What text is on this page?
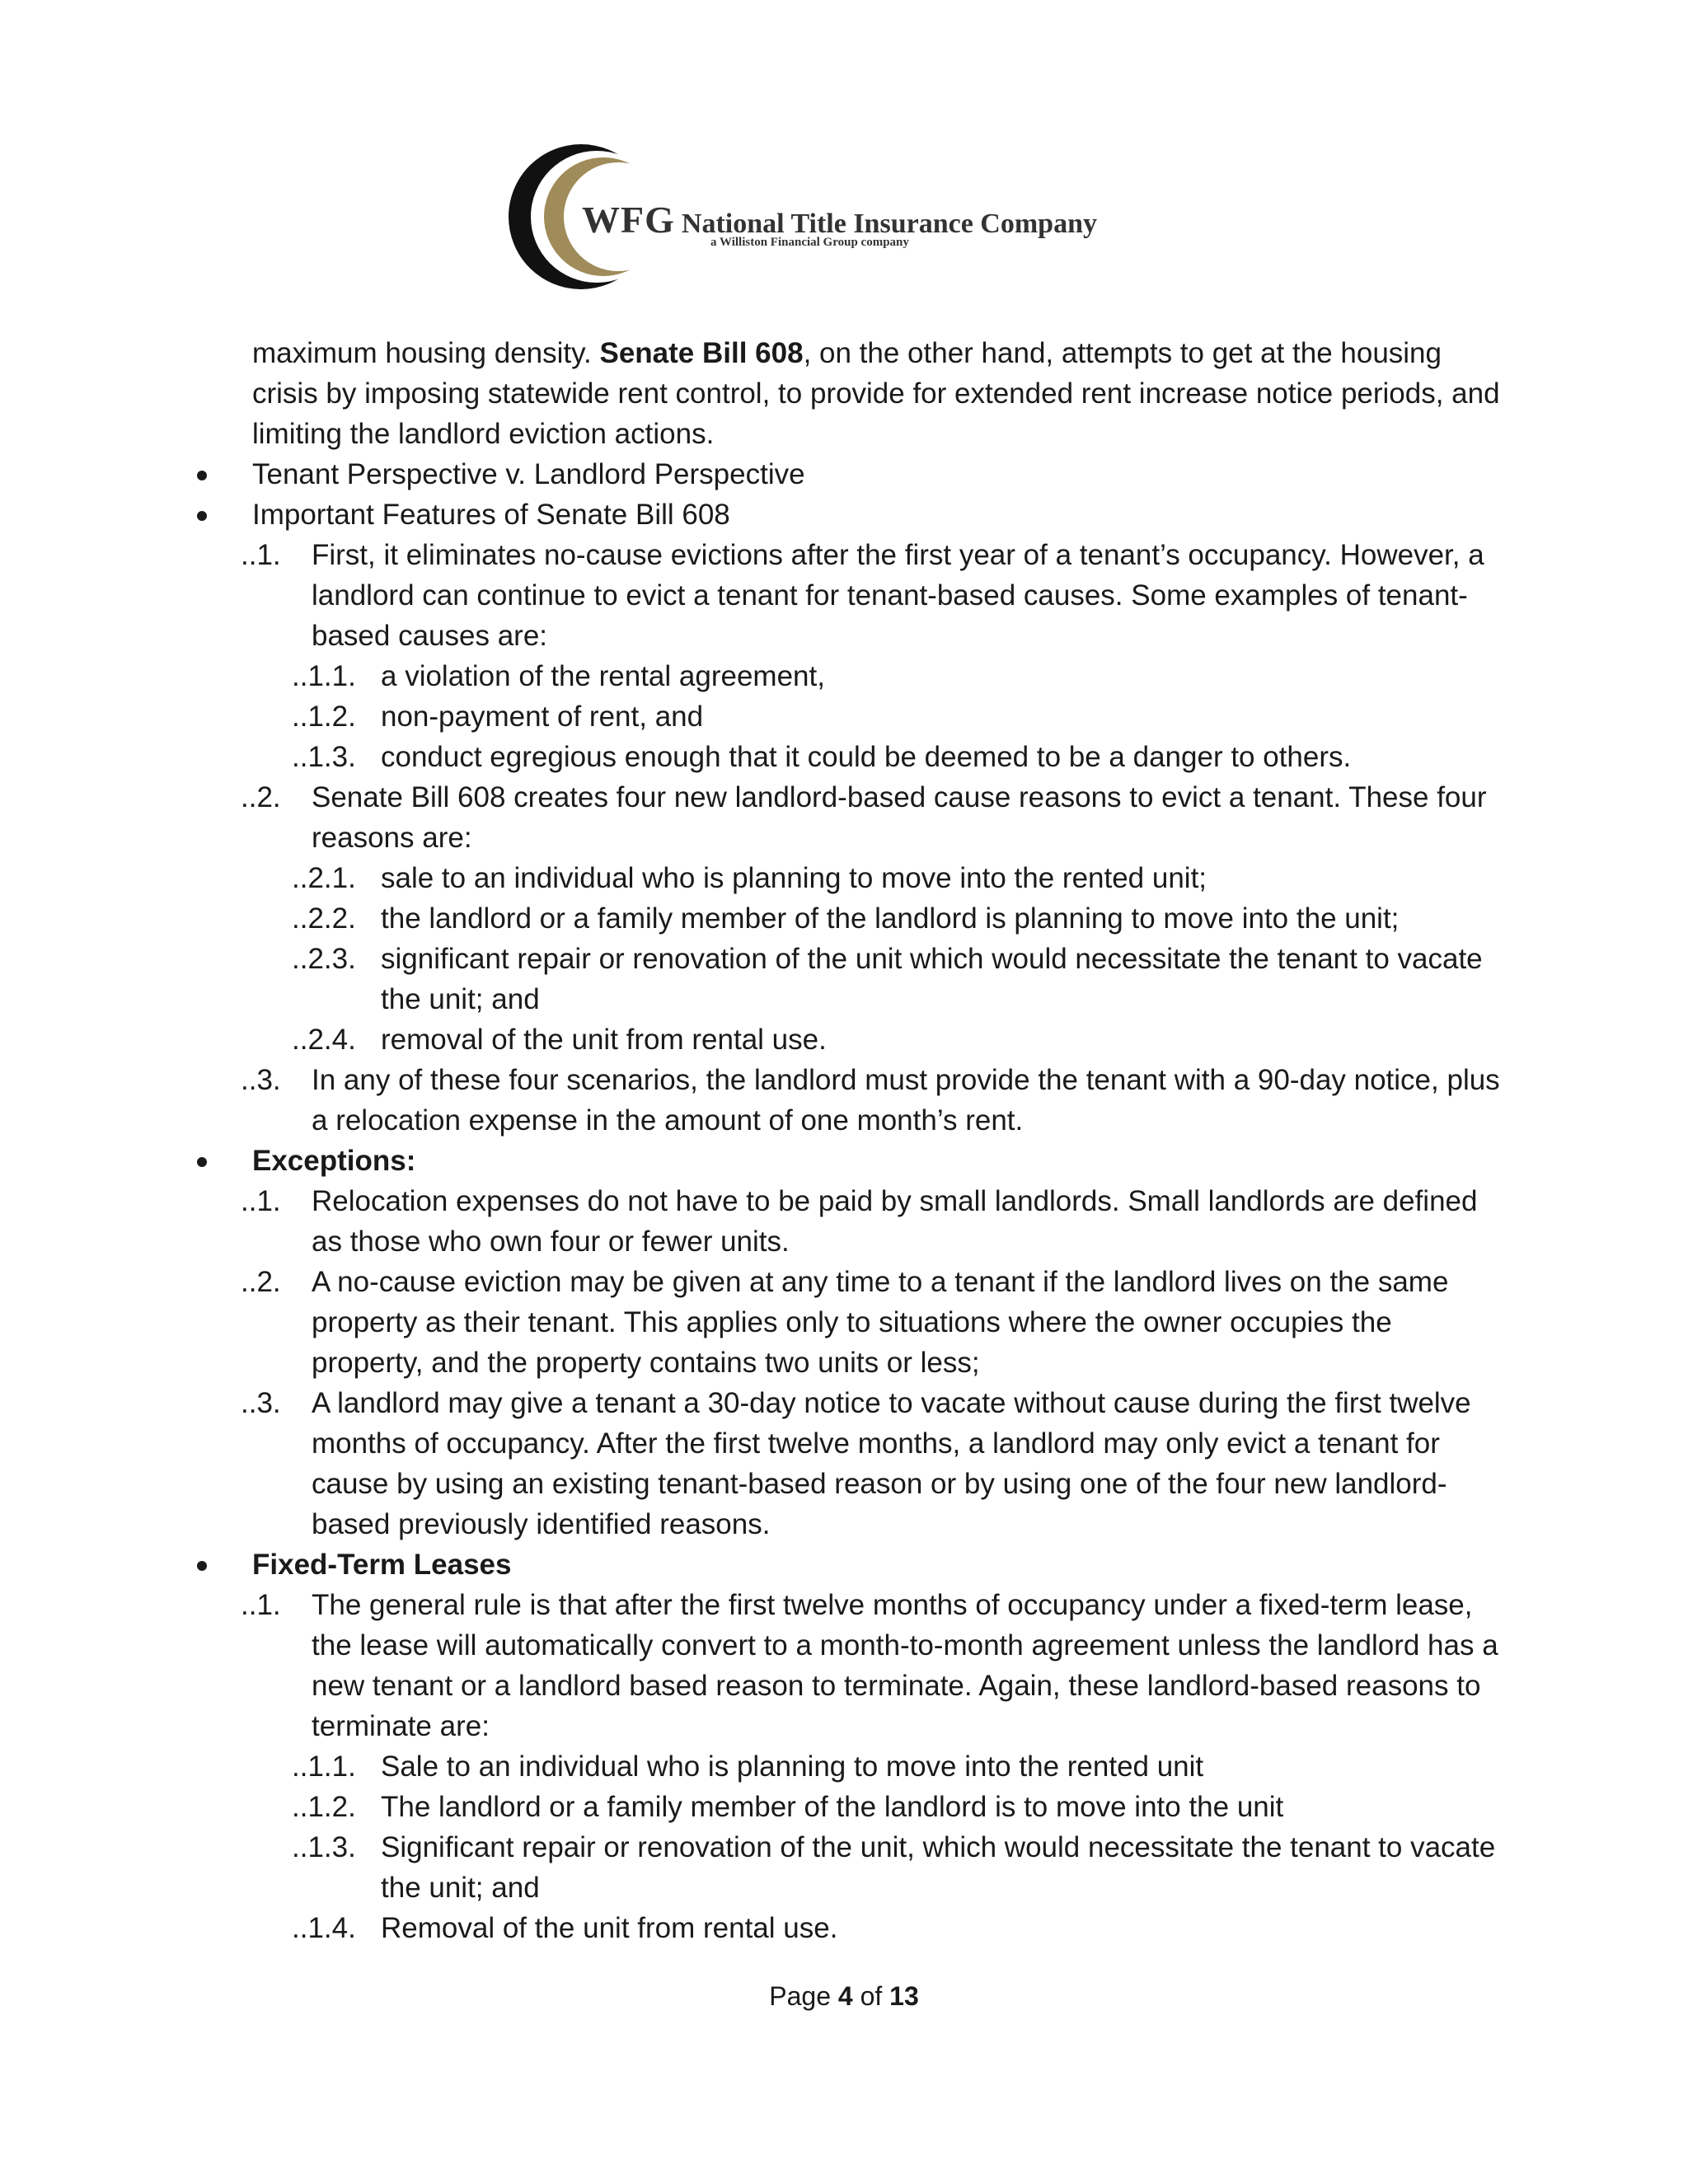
WFG National Title Insurance Company
a Williston Financial Group company
maximum housing density. Senate Bill 608, on the other hand, attempts to get at the housing crisis by imposing statewide rent control, to provide for extended rent increase notice periods, and limiting the landlord eviction actions.
Tenant Perspective v. Landlord Perspective
Important Features of Senate Bill 608
..1. First, it eliminates no-cause evictions after the first year of a tenant’s occupancy. However, a landlord can continue to evict a tenant for tenant-based causes. Some examples of tenant-based causes are:
..1.1. a violation of the rental agreement,
..1.2. non-payment of rent, and
..1.3. conduct egregious enough that it could be deemed to be a danger to others.
..2. Senate Bill 608 creates four new landlord-based cause reasons to evict a tenant. These four reasons are:
..2.1. sale to an individual who is planning to move into the rented unit;
..2.2. the landlord or a family member of the landlord is planning to move into the unit;
..2.3. significant repair or renovation of the unit which would necessitate the tenant to vacate the unit; and
..2.4. removal of the unit from rental use.
..3. In any of these four scenarios, the landlord must provide the tenant with a 90-day notice, plus a relocation expense in the amount of one month’s rent.
Exceptions:
..1. Relocation expenses do not have to be paid by small landlords. Small landlords are defined as those who own four or fewer units.
..2. A no-cause eviction may be given at any time to a tenant if the landlord lives on the same property as their tenant. This applies only to situations where the owner occupies the property, and the property contains two units or less;
..3. A landlord may give a tenant a 30-day notice to vacate without cause during the first twelve months of occupancy. After the first twelve months, a landlord may only evict a tenant for cause by using an existing tenant-based reason or by using one of the four new landlord-based previously identified reasons.
Fixed-Term Leases
..1. The general rule is that after the first twelve months of occupancy under a fixed-term lease, the lease will automatically convert to a month-to-month agreement unless the landlord has a new tenant or a landlord based reason to terminate. Again, these landlord-based reasons to terminate are:
..1.1. Sale to an individual who is planning to move into the rented unit
..1.2. The landlord or a family member of the landlord is to move into the unit
..1.3. Significant repair or renovation of the unit, which would necessitate the tenant to vacate the unit; and
..1.4. Removal of the unit from rental use.
Page 4 of 13
